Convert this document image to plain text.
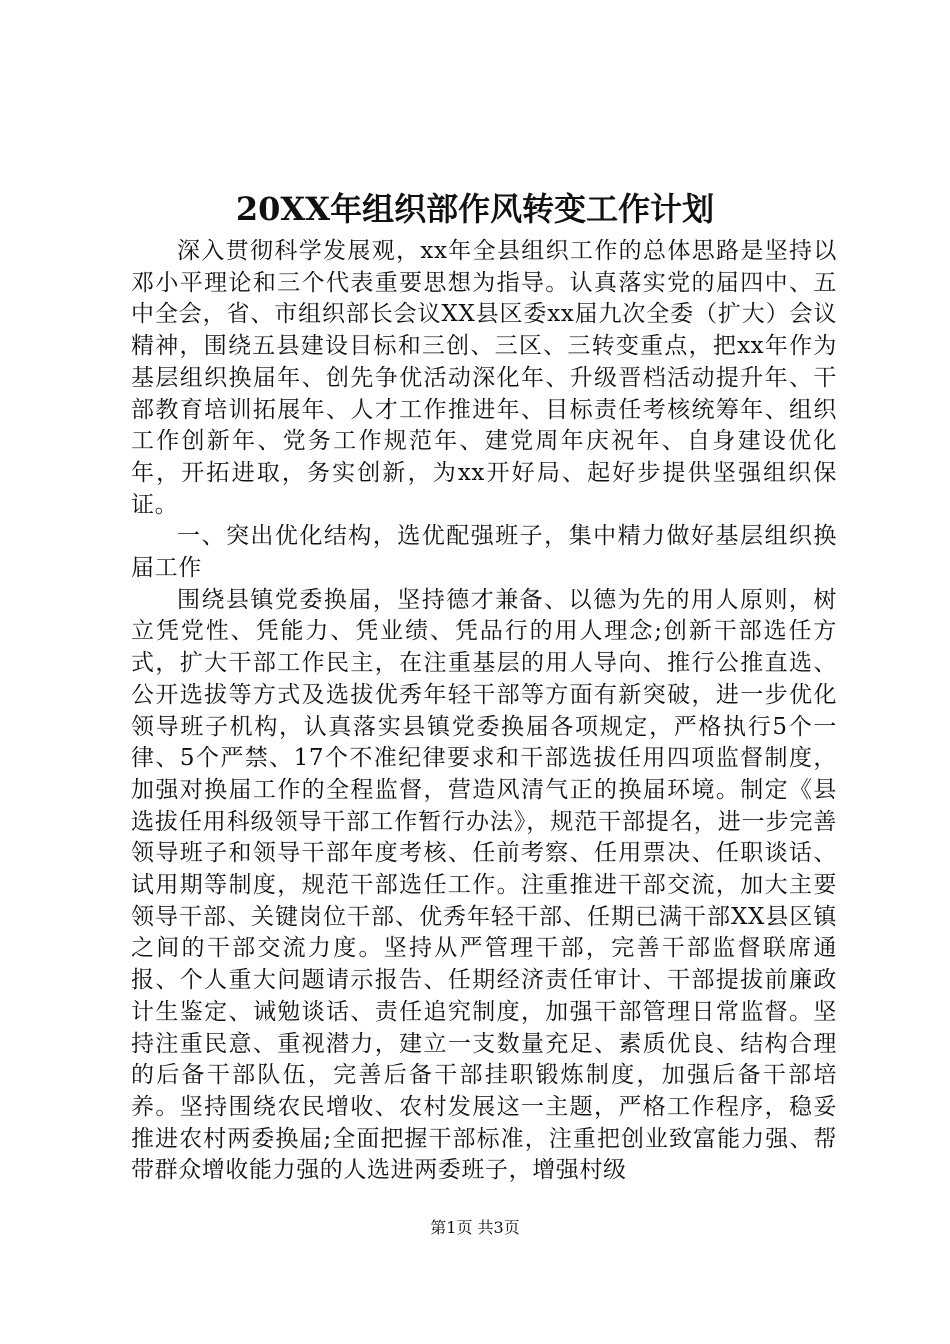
20XX年组织部作风转变工作计划

深入贯彻科学发展观，xx年全县组织工作的总体思路是坚持以邓小平理论和三个代表重要思想为指导。认真落实党的届四中、五中全会，省、市组织部长会议XX县区委xx届九次全委（扩大）会议精神，围绕五县建设目标和三创、三区、三转变重点，把xx年作为基层组织换届年、创先争优活动深化年、升级晋档活动提升年、干部教育培训拓展年、人才工作推进年、目标责任考核统筹年、组织工作创新年、党务工作规范年、建党周年庆祝年、自身建设优化年，开拓进取，务实创新，为xx开好局、起好步提供坚强组织保证。

一、突出优化结构，选优配强班子，集中精力做好基层组织换届工作

围绕县镇党委换届，坚持德才兼备、以德为先的用人原则，树立凭党性、凭能力、凭业绩、凭品行的用人理念;创新干部选任方式，扩大干部工作民主，在注重基层的用人导向、推行公推直选、公开选拔等方式及选拔优秀年轻干部等方面有新突破，进一步优化领导班子机构，认真落实县镇党委换届各项规定，严格执行5个一律、5个严禁、17个不准纪律要求和干部选拔任用四项监督制度，加强对换届工作的全程监督，营造风清气正的换届环境。制定《县选拔任用科级领导干部工作暂行办法》，规范干部提名，进一步完善领导班子和领导干部年度考核、任前考察、任用票决、任职谈话、试用期等制度，规范干部选任工作。注重推进干部交流，加大主要领导干部、关键岗位干部、优秀年轻干部、任期已满干部XX县区镇之间的干部交流力度。坚持从严管理干部，完善干部监督联席通报、个人重大问题请示报告、任期经济责任审计、干部提拔前廉政计生鉴定、诫勉谈话、责任追究制度，加强干部管理日常监督。坚持注重民意、重视潜力，建立一支数量充足、素质优良、结构合理的后备干部队伍，完善后备干部挂职锻炼制度，加强后备干部培养。坚持围绕农民增收、农村发展这一主题，严格工作程序，稳妥推进农村两委换届;全面把握干部标准，注重把创业致富能力强、帮带群众增收能力强的人选进两委班子，增强村级

第1页 共3页
